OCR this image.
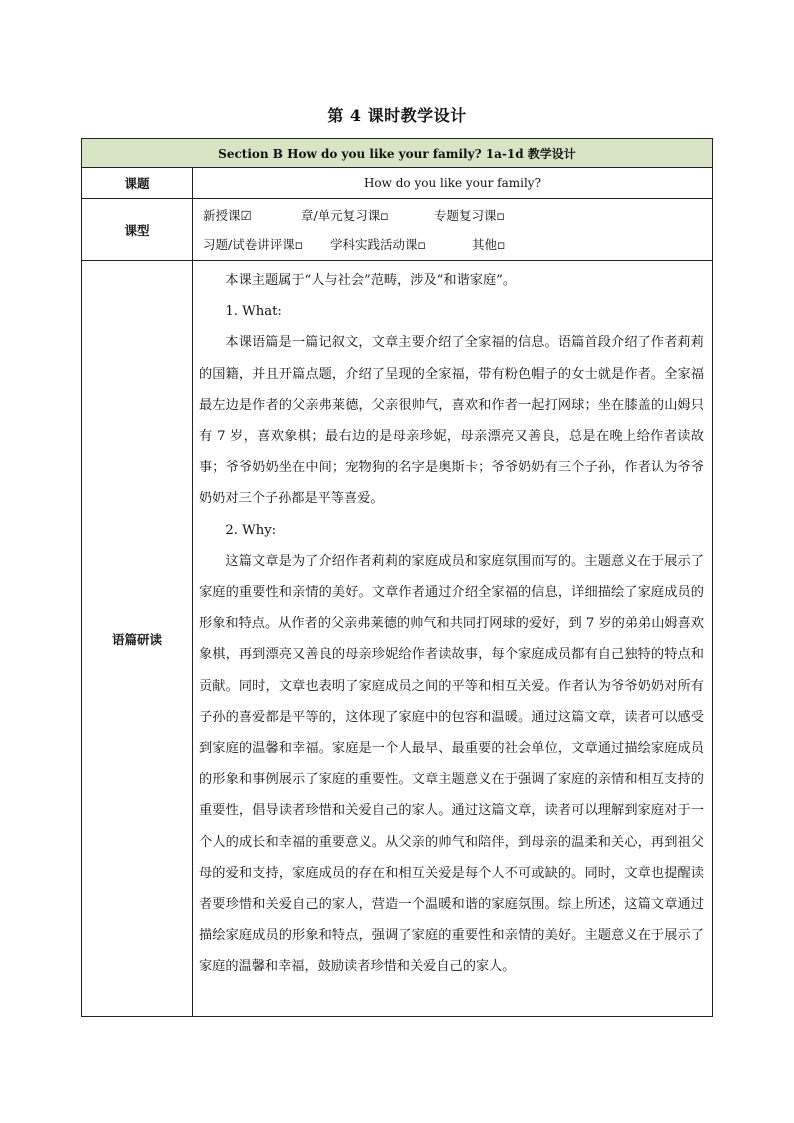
第 4 课时教学设计
Section B How do you like your family? 1a-1d 教学设计	
课题	How do you like your family?
课型	新授课☑ 章/单元复习课▫ 专题复习课▫
习题/试卷讲评课▫ 学科实践活动课▫ 其他▫

语篇研读	本课主题属于“人与社会”范畴，涉及“和谐家庭”。

1. What:

本课语篇是一篇记叙文，文章主要介绍了全家福的信息。语篇首段介绍了作者莉莉的国籍，并且开篇点题，介绍了呈现的全家福，带有粉色帽子的女士就是作者。全家福最左边是作者的父亲弗莱德，父亲很帅气，喜欢和作者一起打网球；坐在膝盖的山姆只有 7 岁，喜欢象棋；最右边的是母亲珍妮，母亲漂亮又善良，总是在晚上给作者读故事；爷爷奶奶坐在中间；宠物狗的名字是奥斯卡；爷爷奶奶有三个子孙，作者认为爷爷奶奶对三个子孙都是平等喜爱。

2. Why:

这篇文章是为了介绍作者莉莉的家庭成员和家庭氛围而写的。主题意义在于展示了家庭的重要性和亲情的美好。文章作者通过介绍全家福的信息，详细描绘了家庭成员的形象和特点。从作者的父亲弗莱德的帅气和共同打网球的爱好，到 7 岁的弟弟山姆喜欢象棋，再到漂亮又善良的母亲珍妮给作者读故事，每个家庭成员都有自己独特的特点和贡献。同时，文章也表明了家庭成员之间的平等和相互关爱。作者认为爷爷奶奶对所有子孙的喜爱都是平等的，这体现了家庭中的包容和温暖。通过这篇文章，读者可以感受到家庭的温馨和幸福。家庭是一个人最早、最重要的社会单位，文章通过描绘家庭成员的形象和事例展示了家庭的重要性。文章主题意义在于强调了家庭的亲情和相互支持的重要性，倡导读者珍惜和关爱自己的家人。通过这篇文章，读者可以理解到家庭对于一个人的成长和幸福的重要意义。从父亲的帅气和陪伴，到母亲的温柔和关心，再到祖父母的爱和支持，家庭成员的存在和相互关爱是每个人不可或缺的。同时，文章也提醒读者要珍惜和关爱自己的家人，营造一个温暖和谐的家庭氛围。综上所述，这篇文章通过描绘家庭成员的形象和特点，强调了家庭的重要性和亲情的美好。主题意义在于展示了家庭的温馨和幸福，鼓励读者珍惜和关爱自己的家人。
